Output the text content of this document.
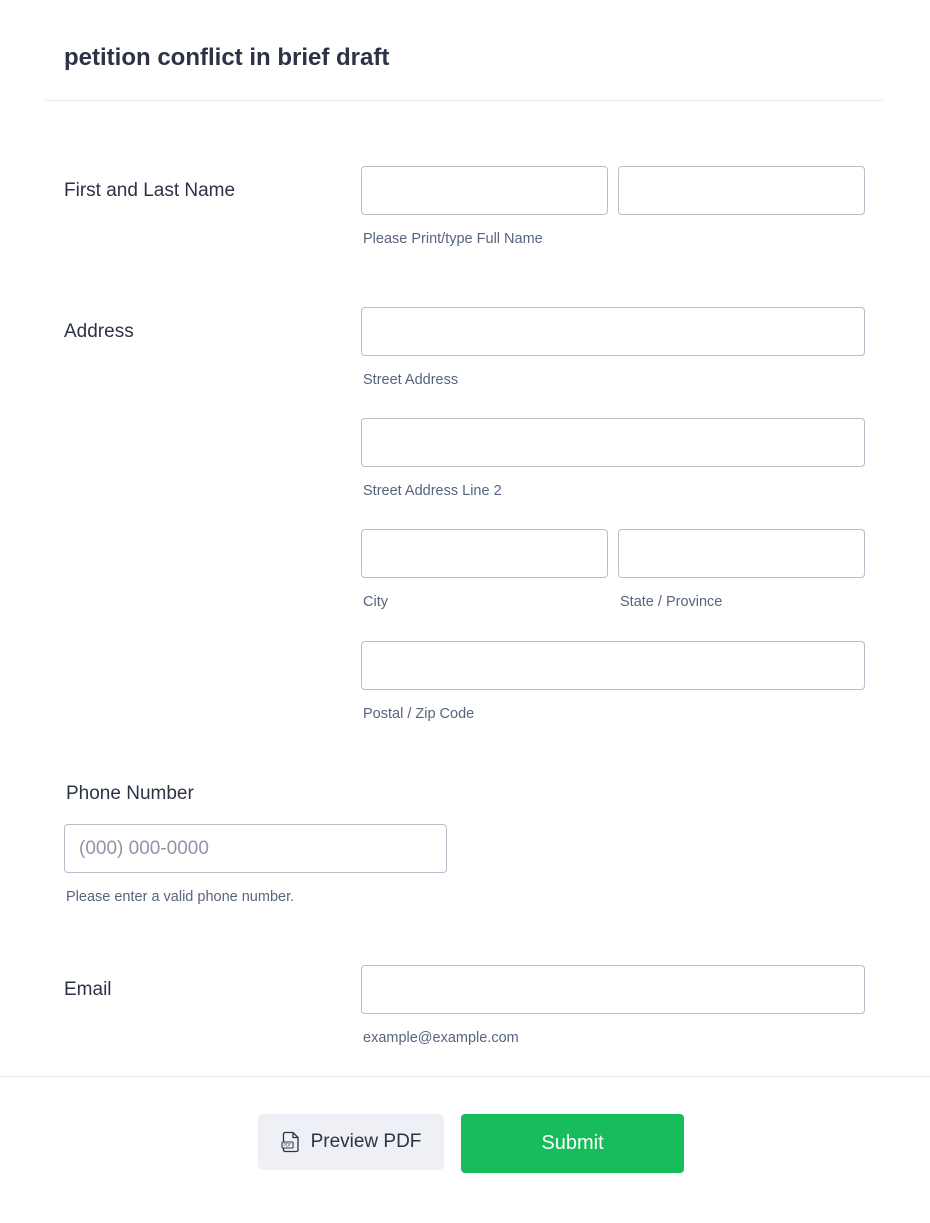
petition conflict in brief draft
First and Last Name
Please Print/type Full Name
Address
Street Address
Street Address Line 2
City	State / Province
Postal / Zip Code
Phone Number
(000) 000-0000
Please enter a valid phone number.
Email
example@example.com
PDF Preview PDF	Submit
